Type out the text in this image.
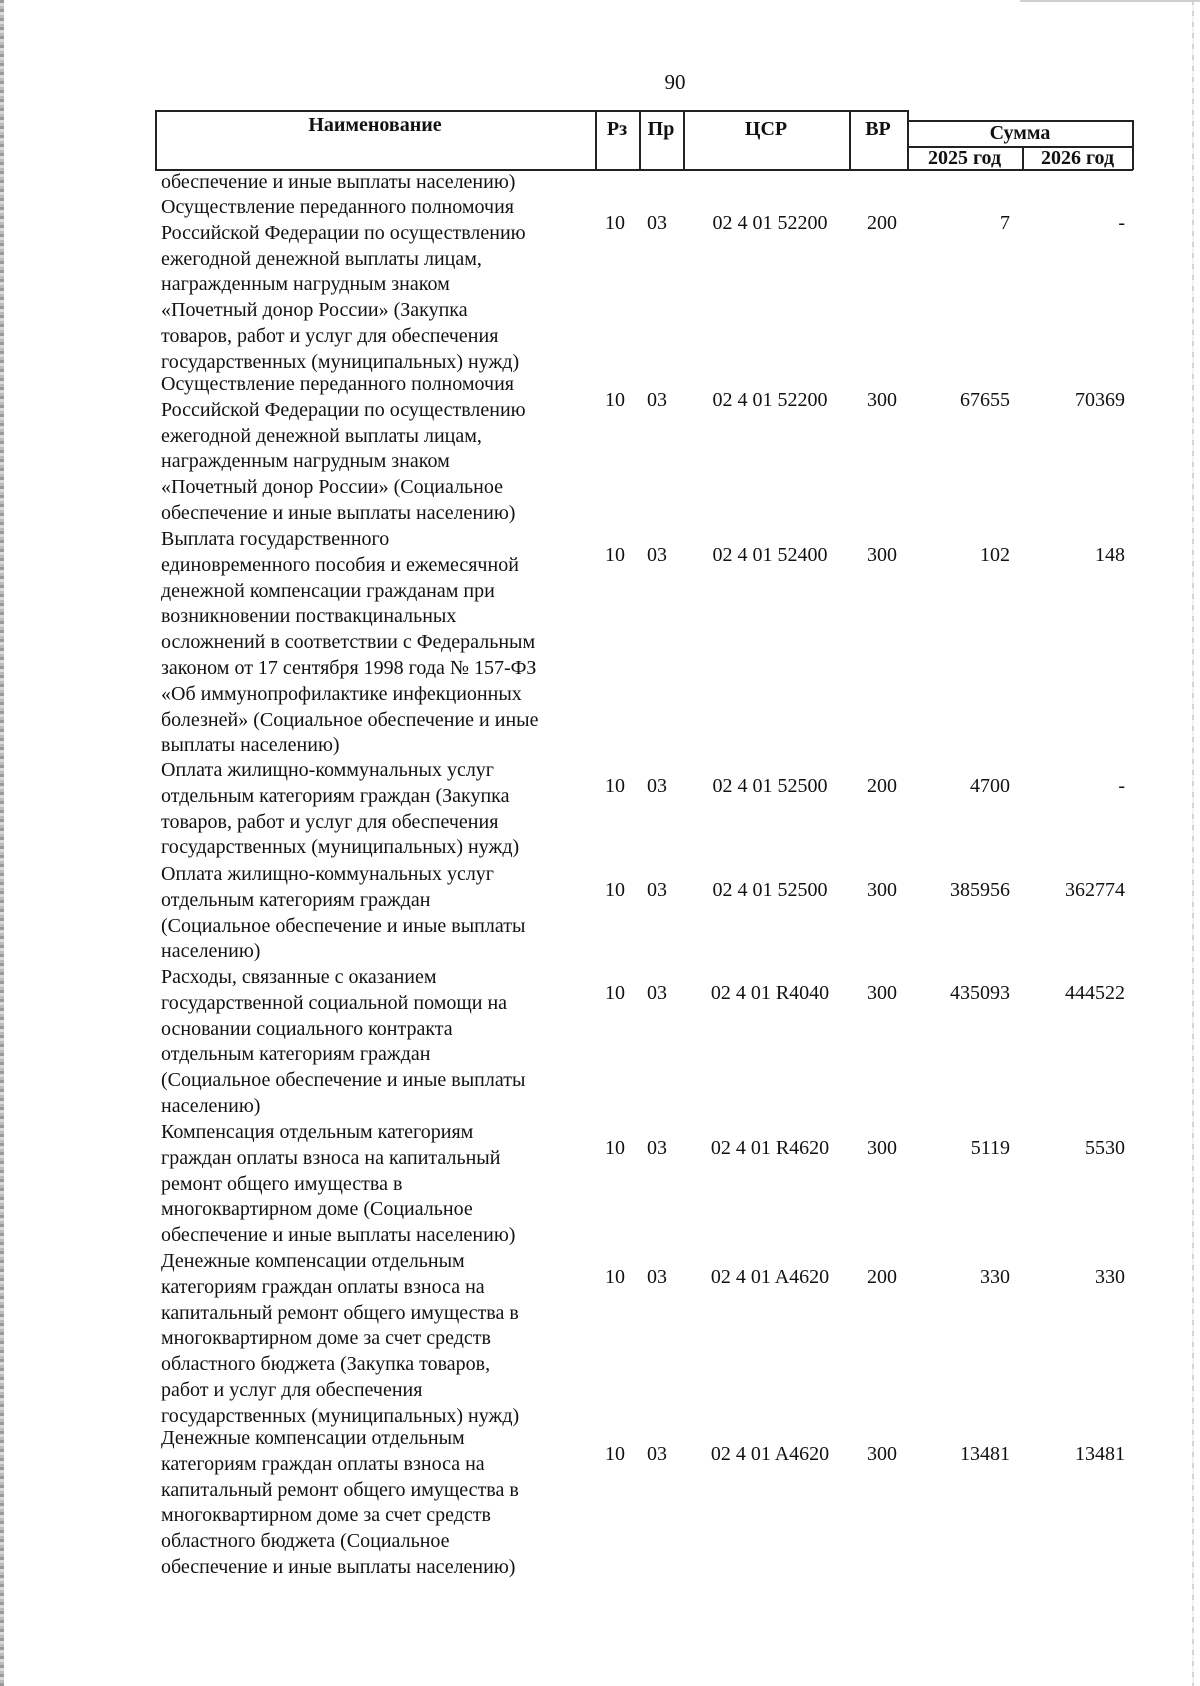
90
Наименование	Рз	Пр	ЦСР	ВР	Сумма
2025 год	2026 год
обеспечение и иные выплаты населению)
Осуществление переданного полномочия
Российской Федерации по осуществлению
ежегодной денежной выплаты лицам,
награжденным нагрудным знаком
«Почетный донор России» (Закупка
товаров, работ и услуг для обеспечения
государственных (муниципальных) нужд)
10 03	02 4 01 52200	200	7	-
Осуществление переданного полномочия
Российской Федерации по осуществлению
ежегодной денежной выплаты лицам,
награжденным нагрудным знаком
«Почетный донор России» (Социальное
обеспечение и иные выплаты населению)
10 03	02 4 01 52200	300	67655	70369
Выплата государственного
единовременного пособия и ежемесячной
денежной компенсации гражданам при
возникновении поствакцинальных
осложнений в соответствии с Федеральным
законом от 17 сентября 1998 года № 157-ФЗ
«Об иммунопрофилактике инфекционных
болезней» (Социальное обеспечение и иные
выплаты населению)
10 03	02 4 01 52400	300	102	148
Оплата жилищно-коммунальных услуг
отдельным категориям граждан (Закупка
товаров, работ и услуг для обеспечения
государственных (муниципальных) нужд)
10 03	02 4 01 52500	200	4700	-
Оплата жилищно-коммунальных услуг
отдельным категориям граждан
(Социальное обеспечение и иные выплаты
населению)
10 03	02 4 01 52500	300	385956	362774
Расходы, связанные с оказанием
государственной социальной помощи на
основании социального контракта
отдельным категориям граждан
(Социальное обеспечение и иные выплаты
населению)
10 03	02 4 01 R4040	300	435093	444522
Компенсация отдельным категориям
граждан оплаты взноса на капитальный
ремонт общего имущества в
многоквартирном доме (Социальное
обеспечение и иные выплаты населению)
10 03	02 4 01 R4620	300	5119	5530
Денежные компенсации отдельным
категориям граждан оплаты взноса на
капитальный ремонт общего имущества в
многоквартирном доме за счет средств
областного бюджета (Закупка товаров,
работ и услуг для обеспечения
государственных (муниципальных) нужд)
10 03	02 4 01 A4620	200	330	330
Денежные компенсации отдельным
категориям граждан оплаты взноса на
капитальный ремонт общего имущества в
многоквартирном доме за счет средств
областного бюджета (Социальное
обеспечение и иные выплаты населению)
10 03	02 4 01 A4620	300	13481	13481
